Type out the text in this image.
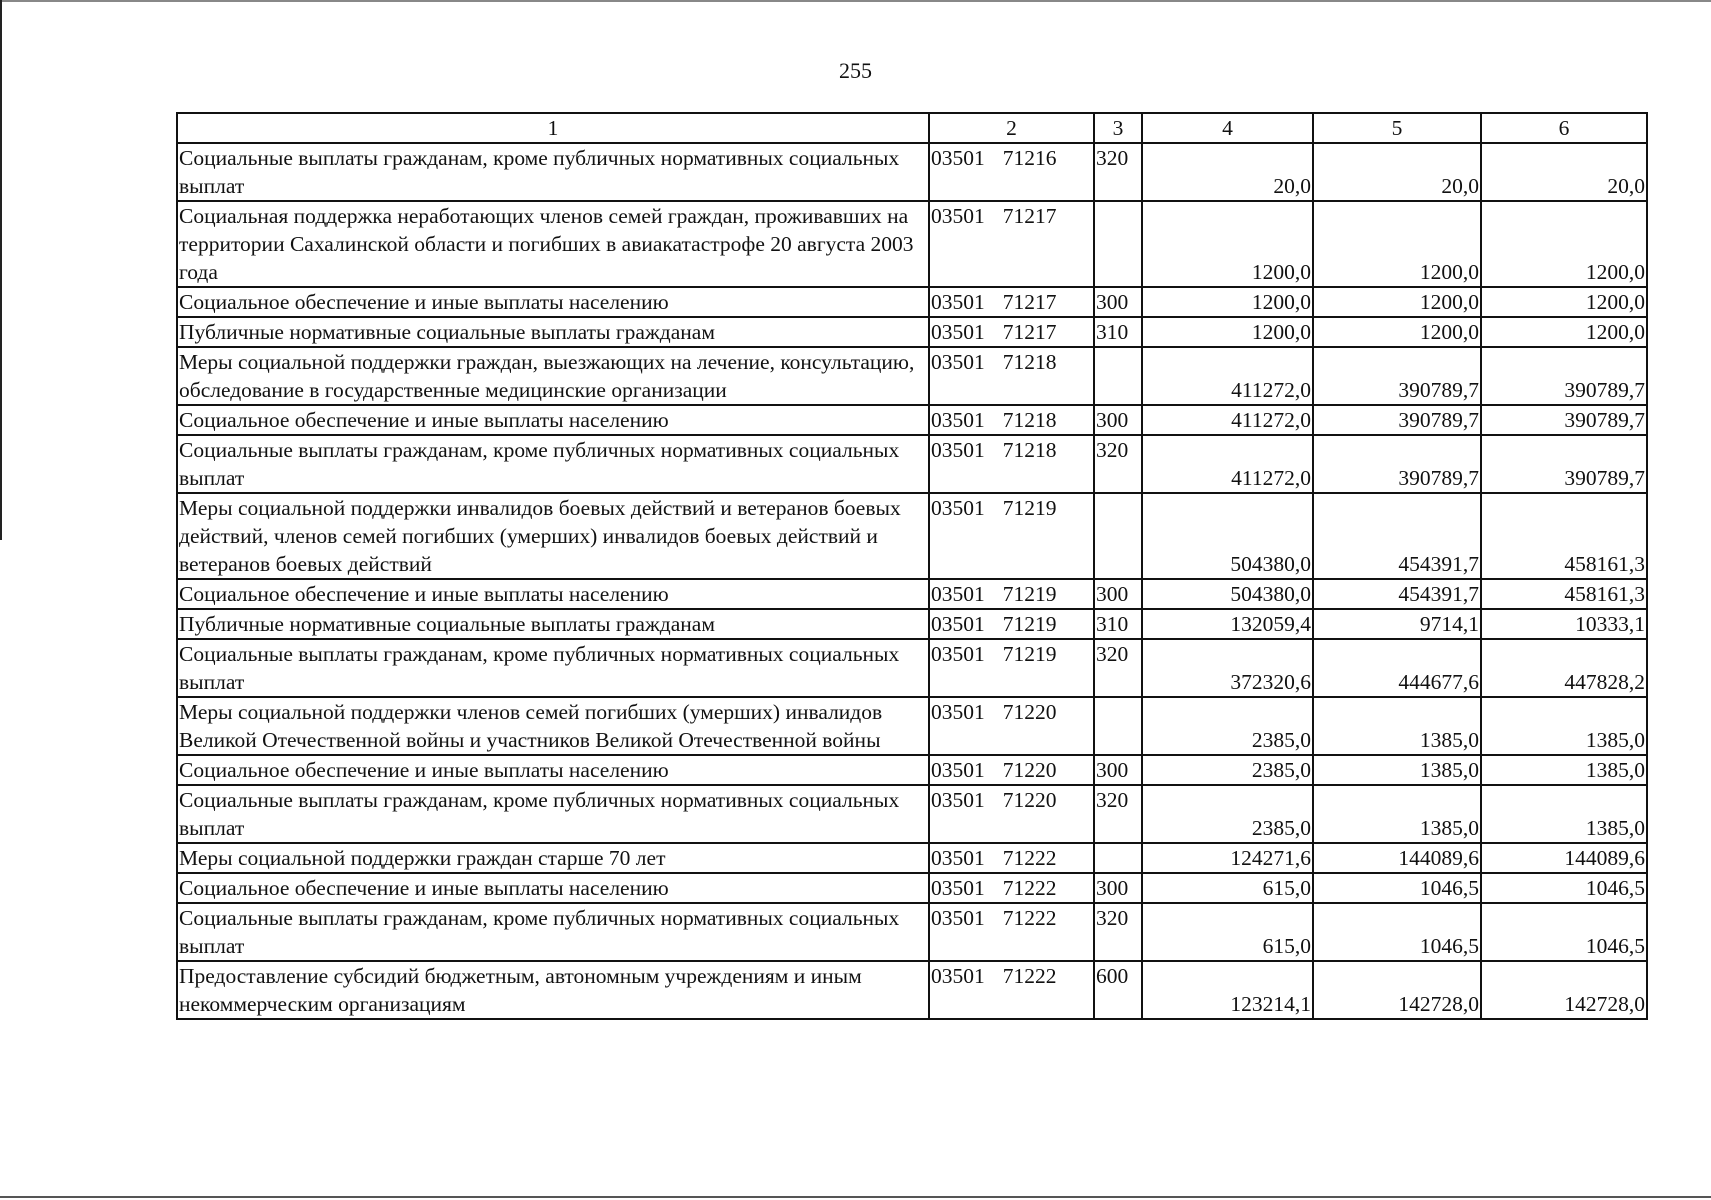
255
1	2	3	4	5	6
Социальные выплаты гражданам, кроме публичных нормативных социальных выплат	03501 71216	320	20,0	20,0	20,0
Социальная поддержка неработающих членов семей граждан, проживавших на территории Сахалинской области и погибших в авиакатастрофе 20 августа 2003 года	03501 71217		1200,0	1200,0	1200,0
Социальное обеспечение и иные выплаты населению	03501 71217	300	1200,0	1200,0	1200,0
Публичные нормативные социальные выплаты гражданам	03501 71217	310	1200,0	1200,0	1200,0
Меры социальной поддержки граждан, выезжающих на лечение, консультацию, обследование в государственные медицинские организации	03501 71218		411272,0	390789,7	390789,7
Социальное обеспечение и иные выплаты населению	03501 71218	300	411272,0	390789,7	390789,7
Социальные выплаты гражданам, кроме публичных нормативных социальных выплат	03501 71218	320	411272,0	390789,7	390789,7
Меры социальной поддержки инвалидов боевых действий и ветеранов боевых действий, членов семей погибших (умерших) инвалидов боевых действий и ветеранов боевых действий	03501 71219		504380,0	454391,7	458161,3
Социальное обеспечение и иные выплаты населению	03501 71219	300	504380,0	454391,7	458161,3
Публичные нормативные социальные выплаты гражданам	03501 71219	310	132059,4	9714,1	10333,1
Социальные выплаты гражданам, кроме публичных нормативных социальных выплат	03501 71219	320	372320,6	444677,6	447828,2
Меры социальной поддержки членов семей погибших (умерших) инвалидов Великой Отечественной войны и участников Великой Отечественной войны	03501 71220		2385,0	1385,0	1385,0
Социальное обеспечение и иные выплаты населению	03501 71220	300	2385,0	1385,0	1385,0
Социальные выплаты гражданам, кроме публичных нормативных социальных выплат	03501 71220	320	2385,0	1385,0	1385,0
Меры социальной поддержки граждан старше 70 лет	03501 71222		124271,6	144089,6	144089,6
Социальное обеспечение и иные выплаты населению	03501 71222	300	615,0	1046,5	1046,5
Социальные выплаты гражданам, кроме публичных нормативных социальных выплат	03501 71222	320	615,0	1046,5	1046,5
Предоставление субсидий бюджетным, автономным учреждениям и иным некоммерческим организациям	03501 71222	600	123214,1	142728,0	142728,0
